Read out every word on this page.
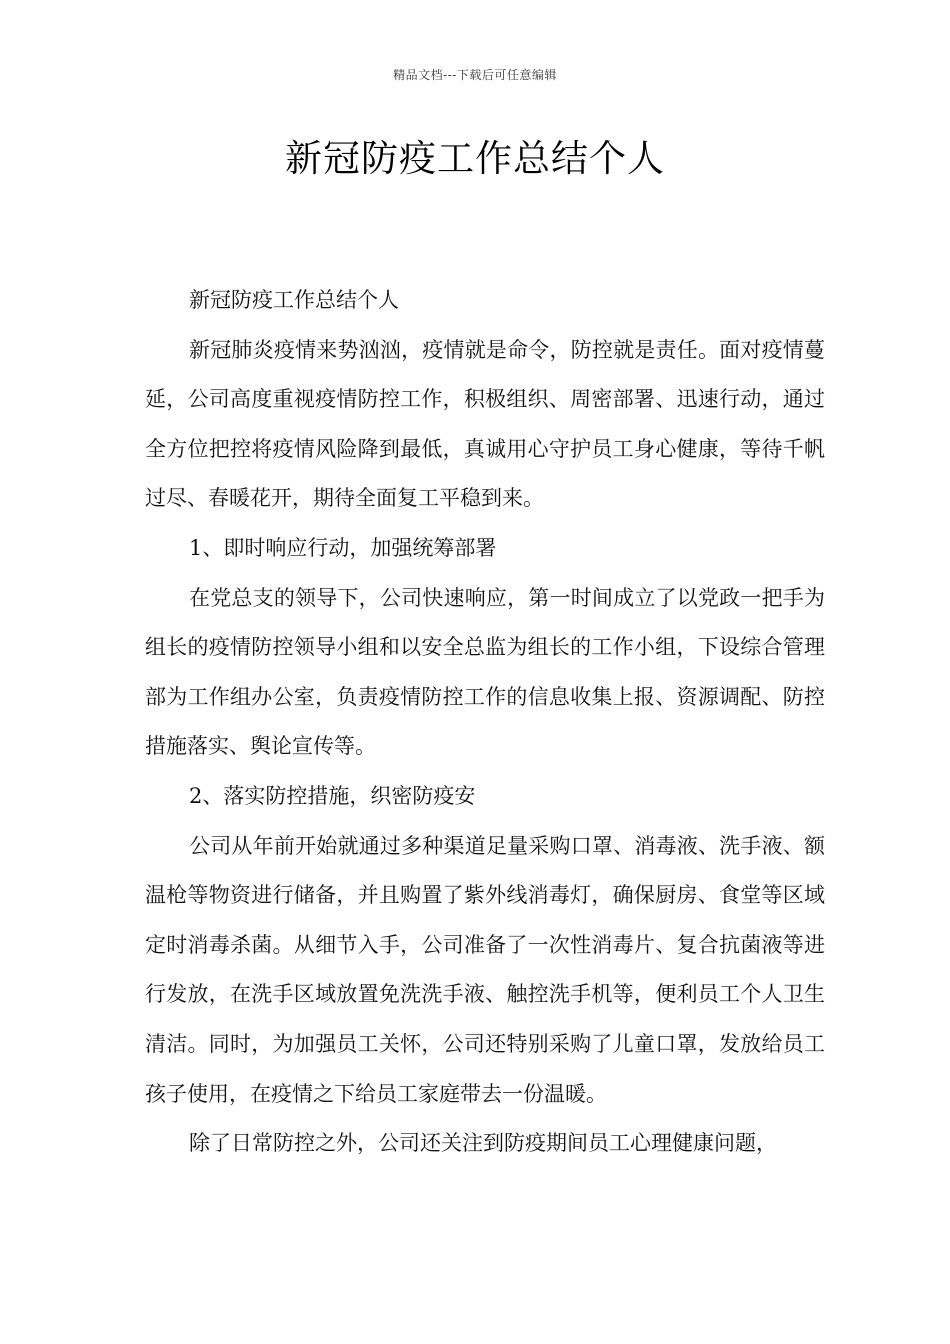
精品文档---下载后可任意编辑
新冠防疫工作总结个人

新冠防疫工作总结个人

新冠肺炎疫情来势汹汹，疫情就是命令，防控就是责任。面对疫情蔓延，公司高度重视疫情防控工作，积极组织、周密部署、迅速行动，通过全方位把控将疫情风险降到最低，真诚用心守护员工身心健康，等待千帆过尽、春暖花开，期待全面复工平稳到来。

1、即时响应行动，加强统筹部署

在党总支的领导下，公司快速响应，第一时间成立了以党政一把手为组长的疫情防控领导小组和以安全总监为组长的工作小组，下设综合管理部为工作组办公室，负责疫情防控工作的信息收集上报、资源调配、防控措施落实、舆论宣传等。

2、落实防控措施，织密防疫安

公司从年前开始就通过多种渠道足量采购口罩、消毒液、洗手液、额温枪等物资进行储备，并且购置了紫外线消毒灯，确保厨房、食堂等区域定时消毒杀菌。从细节入手，公司准备了一次性消毒片、复合抗菌液等进行发放，在洗手区域放置免洗洗手液、触控洗手机等，便利员工个人卫生清洁。同时，为加强员工关怀，公司还特别采购了儿童口罩，发放给员工孩子使用，在疫情之下给员工家庭带去一份温暖。

除了日常防控之外，公司还关注到防疫期间员工心理健康问题，
